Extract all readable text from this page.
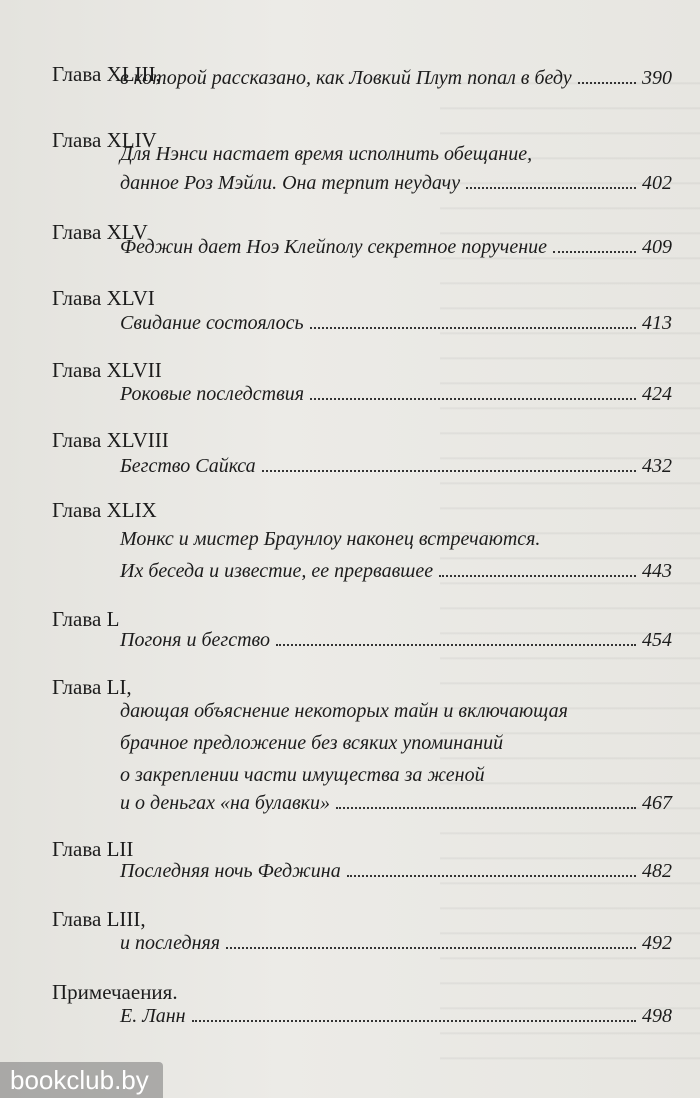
Глава XLIII,
в которой рассказано, как Ловкий Плут попал в беду	390
Глава XLIV
Для Нэнси настает время исполнить обещание,
данное Роз Мэйли. Она терпит неудачу	402
Глава XLV
Феджин дает Ноэ Клейполу секретное поручение	409
Глава XLVI
Свидание состоялось	413
Глава XLVII
Роковые последствия	424
Глава XLVIII
Бегство Сайкса	432
Глава XLIX
Монкс и мистер Браунлоу наконец встречаются.
Их беседа и известие, ее прервавшее	443
Глава L
Погоня и бегство	454
Глава LI,
дающая объяснение некоторых тайн и включающая
брачное предложение без всяких упоминаний
о закреплении части имущества за женой
и о деньгах «на булавки»	467
Глава LII
Последняя ночь Феджина	482
Глава LIII,
и последняя	492
Примечаения.
Е. Ланн	498
bookclub.by
